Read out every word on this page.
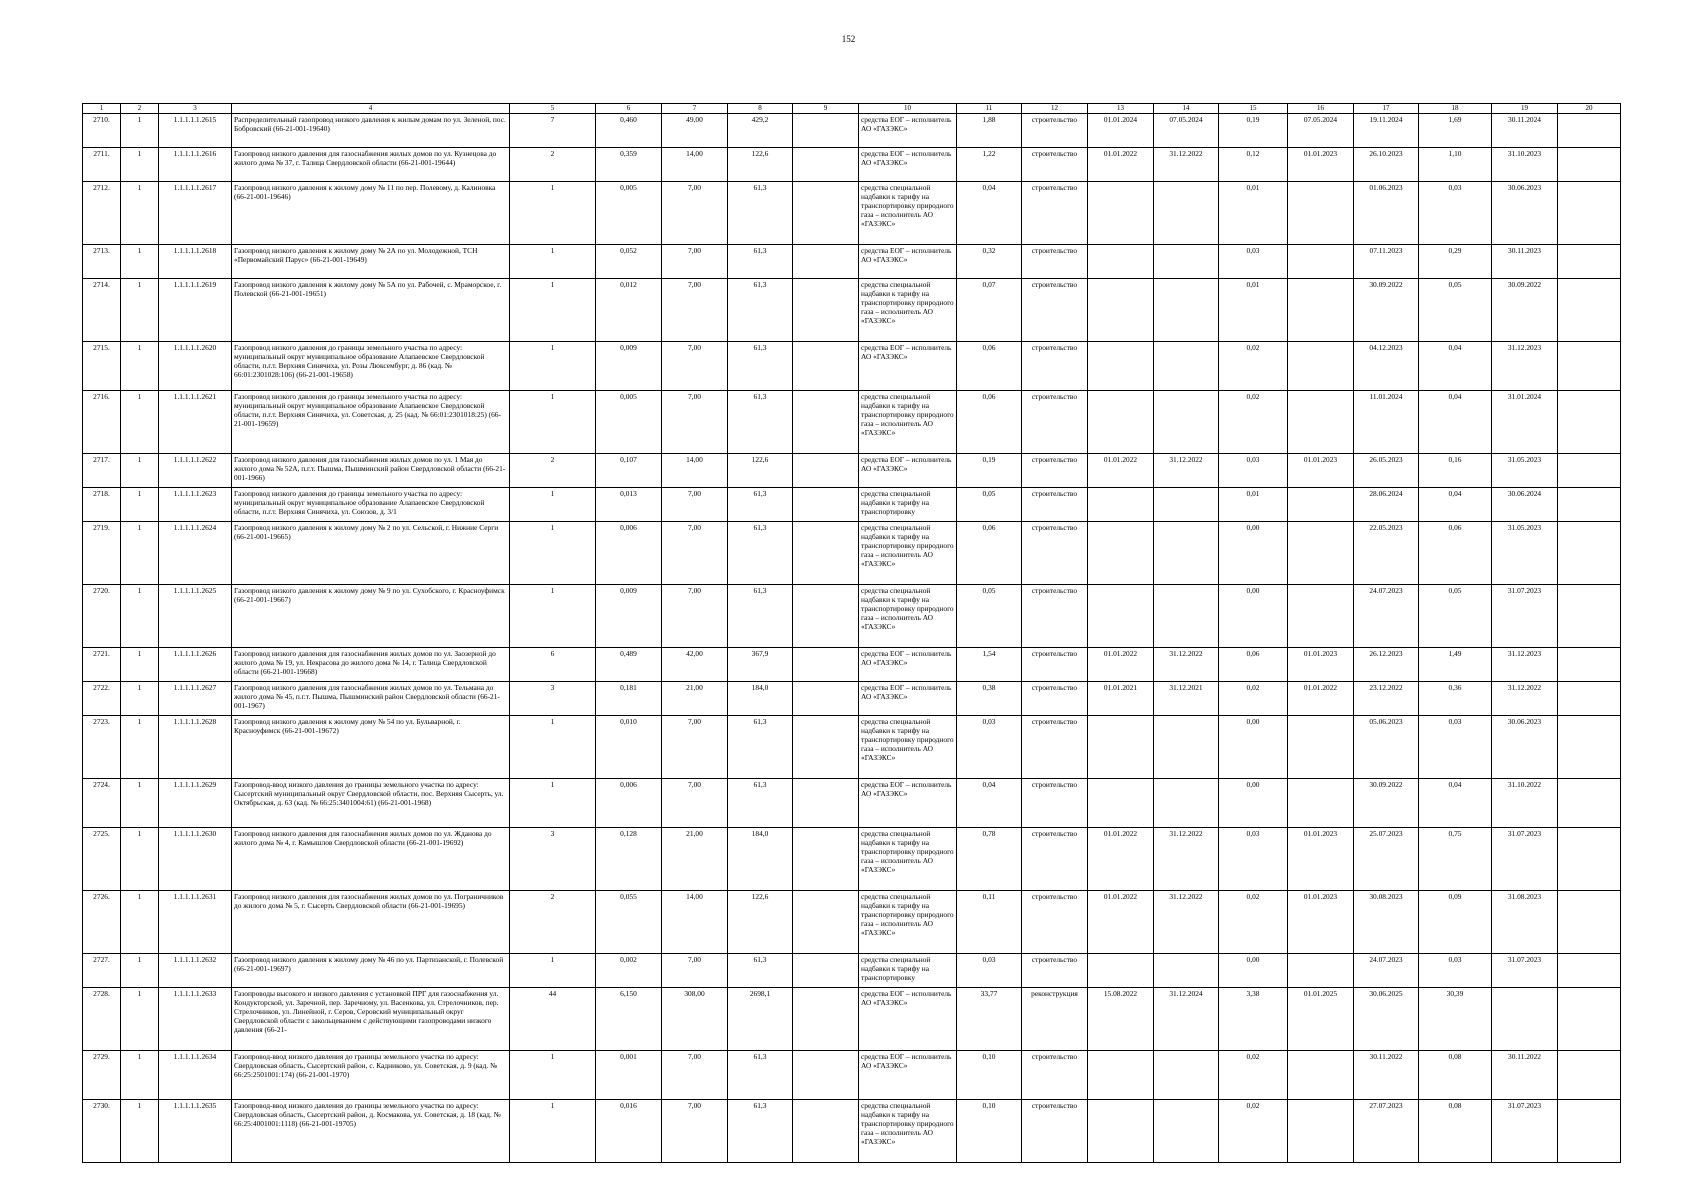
152
1	2	3	4	5	6	7	8	9	10	11	12	13	14	15	16	17	18	19	20
2710.	1	1.1.1.1.1.2615	Распределительный газопровод низкого давления к жилым домам по ул. Зеленой, пос. Бобровский (66-21-001-19640)	7	0,460	49,00	429,2		средства ЕОГ – исполнитель АО «ГАЗЭКС»	1,88	строительство	01.01.2024	07.05.2024	0,19	07.05.2024	19.11.2024	1,69	30.11.2024	
2711.	1	1.1.1.1.1.2616	Газопровод низкого давления для газоснабжения жилых домов по ул. Кузнецова до жилого дома № 37, г. Талица Свердловской области (66-21-001-19644)	2	0,359	14,00	122,6		средства ЕОГ – исполнитель АО «ГАЗЭКС»	1,22	строительство	01.01.2022	31.12.2022	0,12	01.01.2023	26.10.2023	1,10	31.10.2023	
2712.	1	1.1.1.1.1.2617	Газопровод низкого давления к жилому дому № 11 по пер. Полевому, д. Калиновка (66-21-001-19646)	1	0,005	7,00	61,3		средства специальной надбавки к тарифу на транспортировку природного газа – исполнитель АО «ГАЗЭКС»	0,04	строительство			0,01		01.06.2023	0,03	30.06.2023	
2713.	1	1.1.1.1.1.2618	Газопровод низкого давления к жилому дому № 2А по ул. Молодежной, ТСН «Первомайский Парус» (66-21-001-19649)	1	0,052	7,00	61,3		средства ЕОГ – исполнитель АО «ГАЗЭКС»	0,32	строительство			0,03		07.11.2023	0,29	30.11.2023	
2714.	1	1.1.1.1.1.2619	Газопровод низкого давления к жилому дому № 5А по ул. Рабочей, с. Мраморское, г. Полевской (66-21-001-19651)	1	0,012	7,00	61,3		средства специальной надбавки к тарифу на транспортировку природного газа – исполнитель АО «ГАЗЭКС»	0,07	строительство			0,01		30.09.2022	0,05	30.09.2022	
2715.	1	1.1.1.1.1.2620	Газопровод низкого давления до границы земельного участка по адресу: муниципальный округ муниципальное образование Алапаевское Свердловской области, п.г.т. Верхняя Синячиха, ул. Розы Люксембург, д. 86 (кад. № 66:01:2301028:106) (66-21-001-19658)	1	0,009	7,00	61,3		средства ЕОГ – исполнитель АО «ГАЗЭКС»	0,06	строительство			0,02		04.12.2023	0,04	31.12.2023	
2716.	1	1.1.1.1.1.2621	Газопровод низкого давления до границы земельного участка по адресу: муниципальный округ муниципальное образование Алапаевское Свердловской области, п.г.т. Верхняя Синячиха, ул. Советская, д. 25 (кад. № 66:01:2301018:25) (66-21-001-19659)	1	0,005	7,00	61,3		средства специальной надбавки к тарифу на транспортировку природного газа – исполнитель АО «ГАЗЭКС»	0,06	строительство			0,02		11.01.2024	0,04	31.01.2024	
2717.	1	1.1.1.1.1.2622	Газопровод низкого давления для газоснабжения жилых домов по ул. 1 Мая до жилого дома № 52А, п.г.т. Пышма, Пышминский район Свердловской области (66-21-001-1966)	2	0,107	14,00	122,6		средства ЕОГ – исполнитель АО «ГАЗЭКС»	0,19	строительство	01.01.2022	31.12.2022	0,03	01.01.2023	26.05.2023	0,16	31.05.2023	
2718.	1	1.1.1.1.1.2623	Газопровод низкого давления до границы земельного участка по адресу: муниципальный округ муниципальное образование Алапаевское Свердловской области, п.г.т. Верхняя Синячиха, ул. Союзов, д. 3/1	1	0,013	7,00	61,3		средства специальной надбавки к тарифу на транспортировку	0,05	строительство			0,01		28.06.2024	0,04	30.06.2024	
2719.	1	1.1.1.1.1.2624	Газопровод низкого давления к жилому дому № 2 по ул. Сельской, г. Нижние Серги (66-21-001-19665)	1	0,006	7,00	61,3		средства специальной надбавки к тарифу на транспортировку природного газа – исполнитель АО «ГАЗЭКС»	0,06	строительство			0,00		22.05.2023	0,06	31.05.2023	
2720.	1	1.1.1.1.1.2625	Газопровод низкого давления к жилому дому № 9 по ул. Сухобского, г. Красноуфимск (66-21-001-19667)	1	0,009	7,00	61,3		средства специальной надбавки к тарифу на транспортировку природного газа – исполнитель АО «ГАЗЭКС»	0,05	строительство			0,00		24.07.2023	0,05	31.07.2023	
2721.	1	1.1.1.1.1.2626	Газопровод низкого давления для газоснабжения жилых домов по ул. Заозерной до жилого дома № 19, ул. Некрасова до жилого дома № 14, г. Талица Свердловской области (66-21-001-19668)	6	0,489	42,00	367,9		средства ЕОГ – исполнитель АО «ГАЗЭКС»	1,54	строительство	01.01.2022	31.12.2022	0,06	01.01.2023	26.12.2023	1,49	31.12.2023	
2722.	1	1.1.1.1.1.2627	Газопровод низкого давления для газоснабжения жилых домов по ул. Тельмана до жилого дома № 45, п.г.т. Пышма, Пышминский район Свердловской области (66-21-001-1967)	3	0,181	21,00	184,0		средства ЕОГ – исполнитель АО «ГАЗЭКС»	0,38	строительство	01.01.2021	31.12.2021	0,02	01.01.2022	23.12.2022	0,36	31.12.2022	
2723.	1	1.1.1.1.1.2628	Газопровод низкого давления к жилому дому № 54 по ул. Бульварной, г. Красноуфимск (66-21-001-19672)	1	0,010	7,00	61,3		средства специальной надбавки к тарифу на транспортировку природного газа – исполнитель АО «ГАЗЭКС»	0,03	строительство			0,00		05.06.2023	0,03	30.06.2023	
2724.	1	1.1.1.1.1.2629	Газопровод-ввод низкого давления до границы земельного участка по адресу: Сысертский муниципальный округ Свердловской области, пос. Верхняя Сысерть, ул. Октябрьская, д. 63 (кад. № 66:25:3401004:61) (66-21-001-1968)	1	0,006	7,00	61,3		средства ЕОГ – исполнитель АО «ГАЗЭКС»	0,04	строительство			0,00		30.09.2022	0,04	31.10.2022	
2725.	1	1.1.1.1.1.2630	Газопровод низкого давления для газоснабжения жилых домов по ул. Жданова до жилого дома № 4, г. Камышлов Свердловской области (66-21-001-19692)	3	0,128	21,00	184,0		средства специальной надбавки к тарифу на транспортировку природного газа – исполнитель АО «ГАЗЭКС»	0,78	строительство	01.01.2022	31.12.2022	0,03	01.01.2023	25.07.2023	0,75	31.07.2023	
2726.	1	1.1.1.1.1.2631	Газопровод низкого давления для газоснабжения жилых домов по ул. Пограничников до жилого дома № 5, г. Сысерть Свердловской области (66-21-001-19695)	2	0,055	14,00	122,6		средства специальной надбавки к тарифу на транспортировку природного газа – исполнитель АО «ГАЗЭКС»	0,11	строительство	01.01.2022	31.12.2022	0,02	01.01.2023	30.08.2023	0,09	31.08.2023	
2727.	1	1.1.1.1.1.2632	Газопровод низкого давления к жилому дому № 46 по ул. Партизанской, г. Полевской (66-21-001-19697)	1	0,002	7,00	61,3		средства специальной надбавки к тарифу на транспортировку	0,03	строительство			0,00		24.07.2023	0,03	31.07.2023	
2728.	1	1.1.1.1.1.2633	Газопроводы высокого и низкого давления с установкой ПРГ для газоснабжения ул. Кондукторской, ул. Заречной, пер. Заречному, ул. Васенкова, ул. Стрелочников, пер. Стрелочников, ул. Линейной, г. Серов, Серовский муниципальный округ Свердловской области с закольцеванием с действующими газопроводами низкого давления (66-21-	44	6,150	308,00	2698,1		средства ЕОГ – исполнитель АО «ГАЗЭКС»	33,77	реконструкция	15.08.2022	31.12.2024	3,38	01.01.2025	30.06.2025	30,39		
2729.	1	1.1.1.1.1.2634	Газопровод-ввод низкого давления до границы земельного участка по адресу: Свердловская область, Сысертский район, с. Кадниково, ул. Советская, д. 9 (кад. № 66:25:2501001:174) (66-21-001-1970)	1	0,001	7,00	61,3		средства ЕОГ – исполнитель АО «ГАЗЭКС»	0,10	строительство			0,02		30.11.2022	0,08	30.11.2022	
2730.	1	1.1.1.1.1.2635	Газопровод-ввод низкого давления до границы земельного участка по адресу: Свердловская область, Сысертский район, д. Космакова, ул. Советская, д. 18 (кад. № 66:25:4001001:1118) (66-21-001-19705)	1	0,016	7,00	61,3		средства специальной надбавки к тарифу на транспортировку природного газа – исполнитель АО «ГАЗЭКС»	0,10	строительство			0,02		27.07.2023	0,08	31.07.2023	
